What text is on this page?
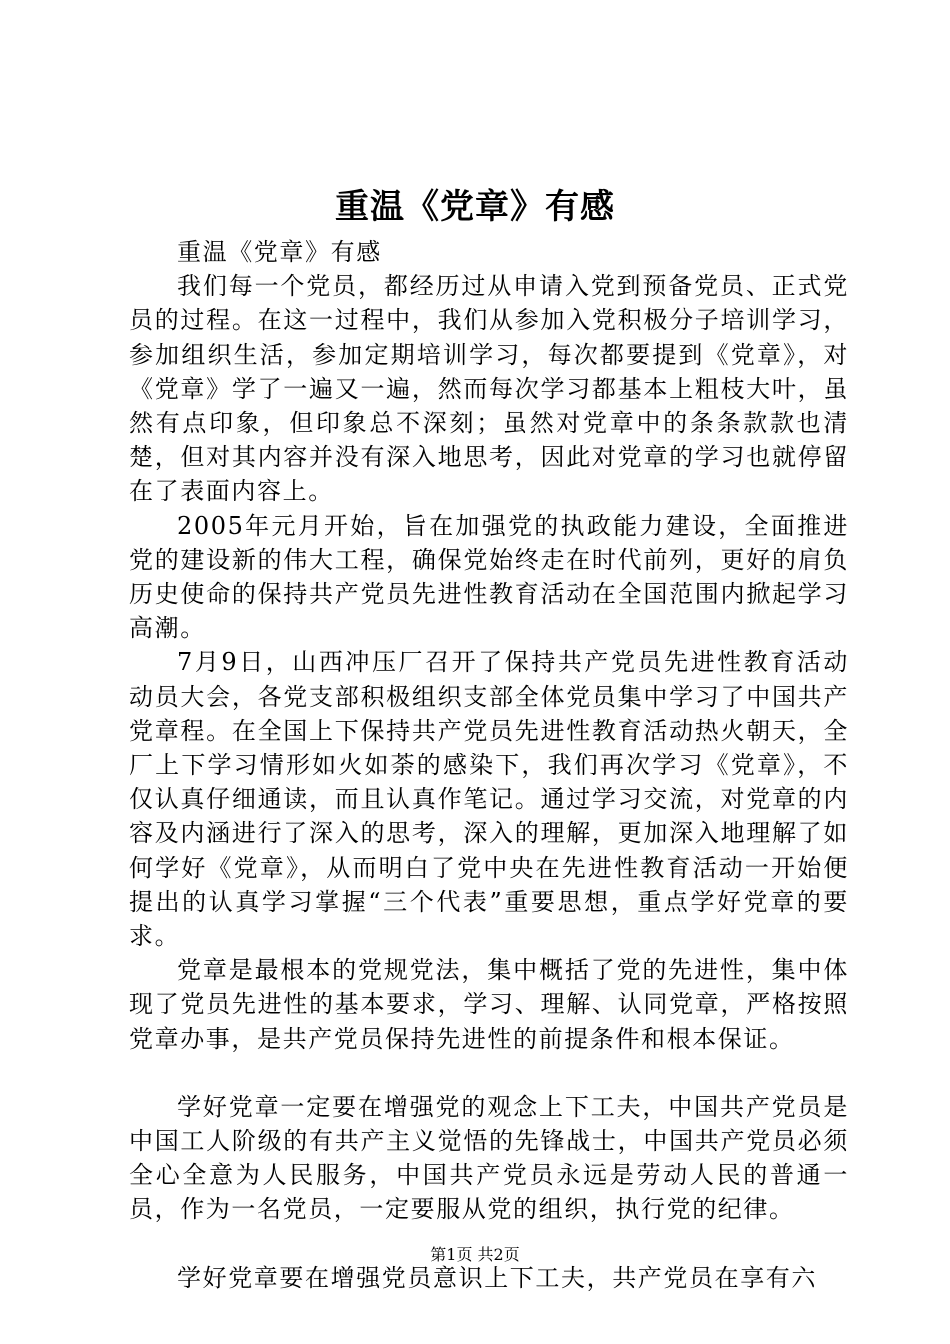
重温《党章》有感

重温《党章》有感

我们每一个党员，都经历过从申请入党到预备党员、正式党员的过程。在这一过程中，我们从参加入党积极分子培训学习，参加组织生活，参加定期培训学习，每次都要提到《党章》，对《党章》学了一遍又一遍，然而每次学习都基本上粗枝大叶，虽然有点印象，但印象总不深刻；虽然对党章中的条条款款也清楚，但对其内容并没有深入地思考，因此对党章的学习也就停留在了表面内容上。

2005年元月开始，旨在加强党的执政能力建设，全面推进党的建设新的伟大工程，确保党始终走在时代前列，更好的肩负历史使命的保持共产党员先进性教育活动在全国范围内掀起学习高潮。

7月9日，山西冲压厂召开了保持共产党员先进性教育活动动员大会，各党支部积极组织支部全体党员集中学习了中国共产党章程。在全国上下保持共产党员先进性教育活动热火朝天，全厂上下学习情形如火如荼的感染下，我们再次学习《党章》，不仅认真仔细通读，而且认真作笔记。通过学习交流，对党章的内容及内涵进行了深入的思考，深入的理解，更加深入地理解了如何学好《党章》，从而明白了党中央在先进性教育活动一开始便提出的认真学习掌握“三个代表”重要思想，重点学好党章的要求。

党章是最根本的党规党法，集中概括了党的先进性，集中体现了党员先进性的基本要求，学习、理解、认同党章，严格按照党章办事，是共产党员保持先进性的前提条件和根本保证。

学好党章一定要在增强党的观念上下工夫，中国共产党员是中国工人阶级的有共产主义觉悟的先锋战士，中国共产党员必须全心全意为人民服务，中国共产党员永远是劳动人民的普通一员，作为一名党员，一定要服从党的组织，执行党的纪律。

学好党章要在增强党员意识上下工夫，共产党员在享有六

第1页 共2页
